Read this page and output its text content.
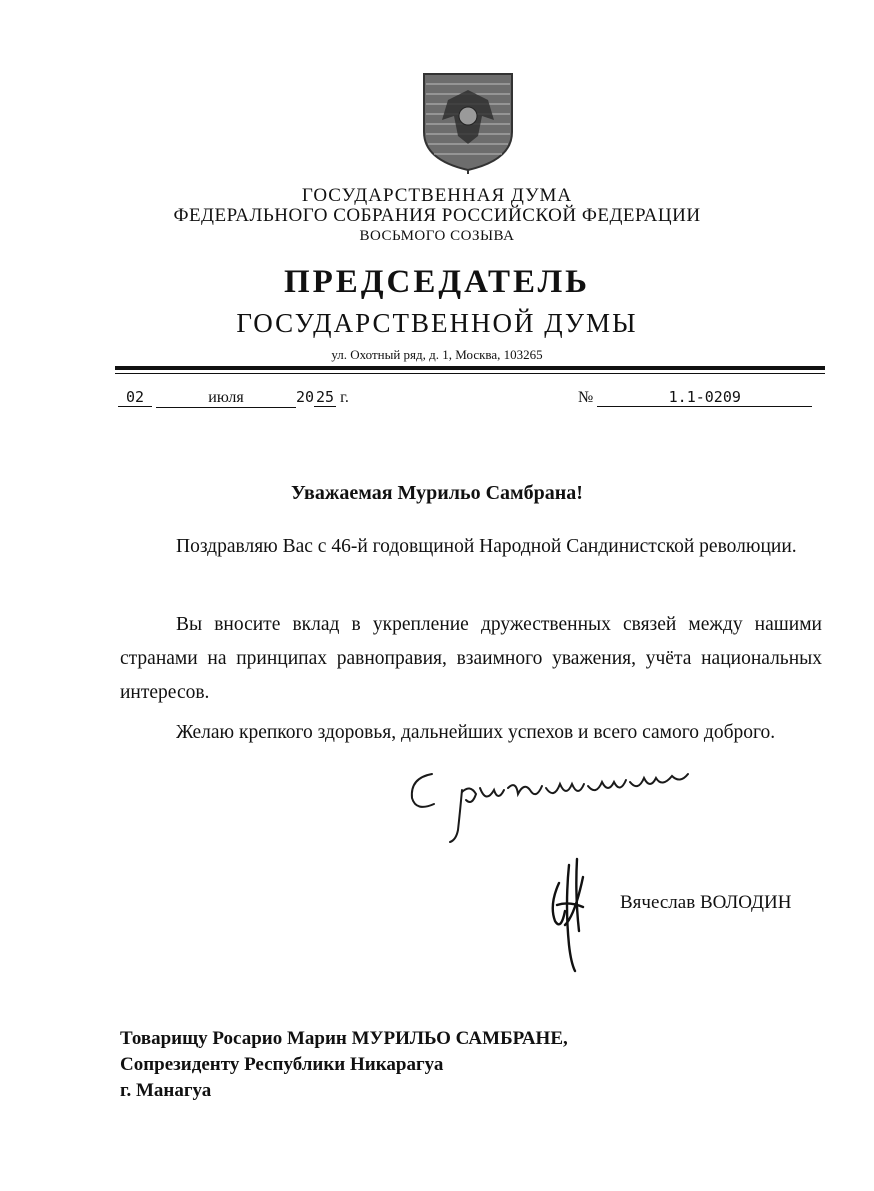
ГОСУДАРСТВЕННАЯ ДУМА
ФЕДЕРАЛЬНОГО СОБРАНИЯ РОССИЙСКОЙ ФЕДЕРАЦИИ
ВОСЬМОГО СОЗЫВА
ПРЕДСЕДАТЕЛЬ
ГОСУДАРСТВЕННОЙ ДУМЫ
ул. Охотный ряд, д. 1, Москва, 103265
02	июля	20 25 г.	№	1.1-0209
Уважаемая Мурильо Самбрана!
Поздравляю Вас с 46-й годовщиной Народной Сандинистской революции.
Вы вносите вклад в укрепление дружественных связей между нашими странами на принципах равноправия, взаимного уважения, учёта национальных интересов.
Желаю крепкого здоровья, дальнейших успехов и всего самого доброго.
Вячеслав ВОЛОДИН
Товарищу Росарио Марин МУРИЛЬО САМБРАНЕ,
Сопрезиденту Республики Никарагуа
г. Манагуа
